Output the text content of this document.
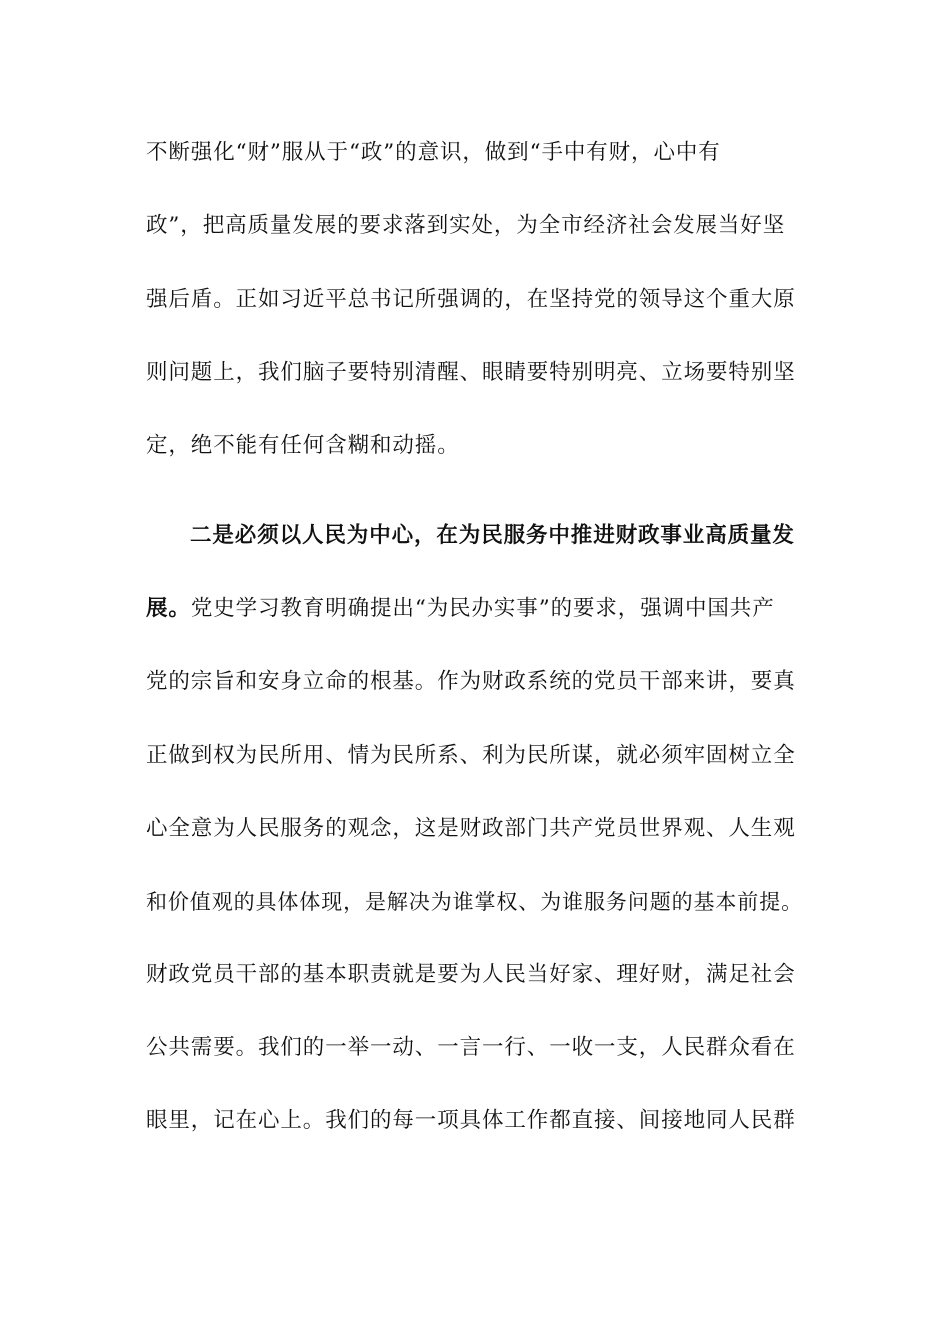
不断强化“财”服从于“政”的意识，做到“手中有财，心中有
政”，把高质量发展的要求落到实处，为全市经济社会发展当好坚
强后盾。正如习近平总书记所强调的，在坚持党的领导这个重大原
则问题上，我们脑子要特别清醒、眼睛要特别明亮、立场要特别坚
定，绝不能有任何含糊和动摇。
二是必须以人民为中心，在为民服务中推进财政事业高质量发
展。党史学习教育明确提出“为民办实事”的要求，强调中国共产
党的宗旨和安身立命的根基。作为财政系统的党员干部来讲，要真
正做到权为民所用、情为民所系、利为民所谋，就必须牢固树立全
心全意为人民服务的观念，这是财政部门共产党员世界观、人生观
和价值观的具体体现，是解决为谁掌权、为谁服务问题的基本前提。
财政党员干部的基本职责就是要为人民当好家、理好财，满足社会
公共需要。我们的一举一动、一言一行、一收一支，人民群众看在
眼里，记在心上。我们的每一项具体工作都直接、间接地同人民群
